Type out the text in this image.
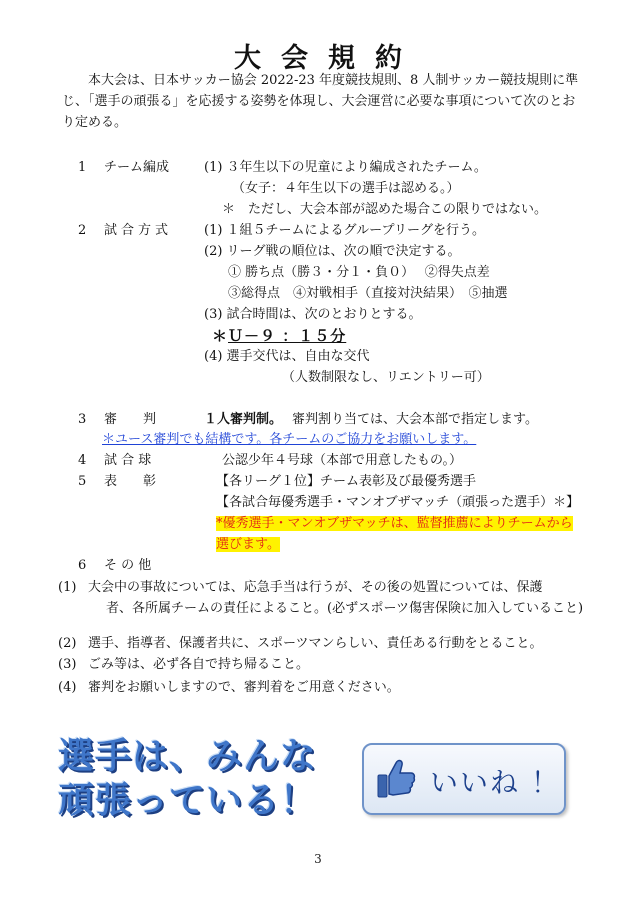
大会規約
本大会は、日本サッカー協会 2022-23 年度競技規則、8 人制サッカー競技規則に準じ、「選手の頑張る」を応援する姿勢を体現し、大会運営に必要な事項について次のとおり定める。
1 チーム編成	(1) ３年生以下の児童により編成されたチーム。
（女子：４年生以下の選手は認める。）
＊　ただし、大会本部が認めた場合この限りではない。
2 試合方式 (1) １組５チームによるグループリーグを行う。
(2) リーグ戦の順位は、次の順で決定する。
① 勝ち点（勝３・分１・負０）　 ②得失点差
③総得点　④対戦相手（直接対決結果）　⑤抽選
(3) 試合時間は、次のとおりとする。
＊Ｕ－９ ：１５分
(4) 選手交代は、自由な交代
（人数制限なし、リエントリー可）
3 審　　判	１人審判制。 審判割り当ては、大会本部で指定します。
＊ユース審判でも結構です。各チームのご協力をお願いします。
4 試 合 球	公認少年４号球（本部で用意したもの。）
5 表　　彰	【各リーグ１位】チーム表彰及び最優秀選手
【各試合毎優秀選手・マンオブザマッチ（頑張った選手）＊】
*優秀選手・マンオブザマッチは、監督推薦によりチームから
選びます。
6 そ の 他
(1) 大会中の事故については、応急手当は行うが、その後の処置については、保護
者、各所属チームの責任によること。(必ずスポーツ傷害保険に加入していること)
(2) 選手、指導者、保護者共に、スポーツマンらしい、責任ある行動をとること。
(3) ごみ等は、必ず各自で持ち帰ること。
(4) 審判をお願いしますので、審判着をご用意ください。
選手は、みんな
頑張っている！	いいね ！
3
